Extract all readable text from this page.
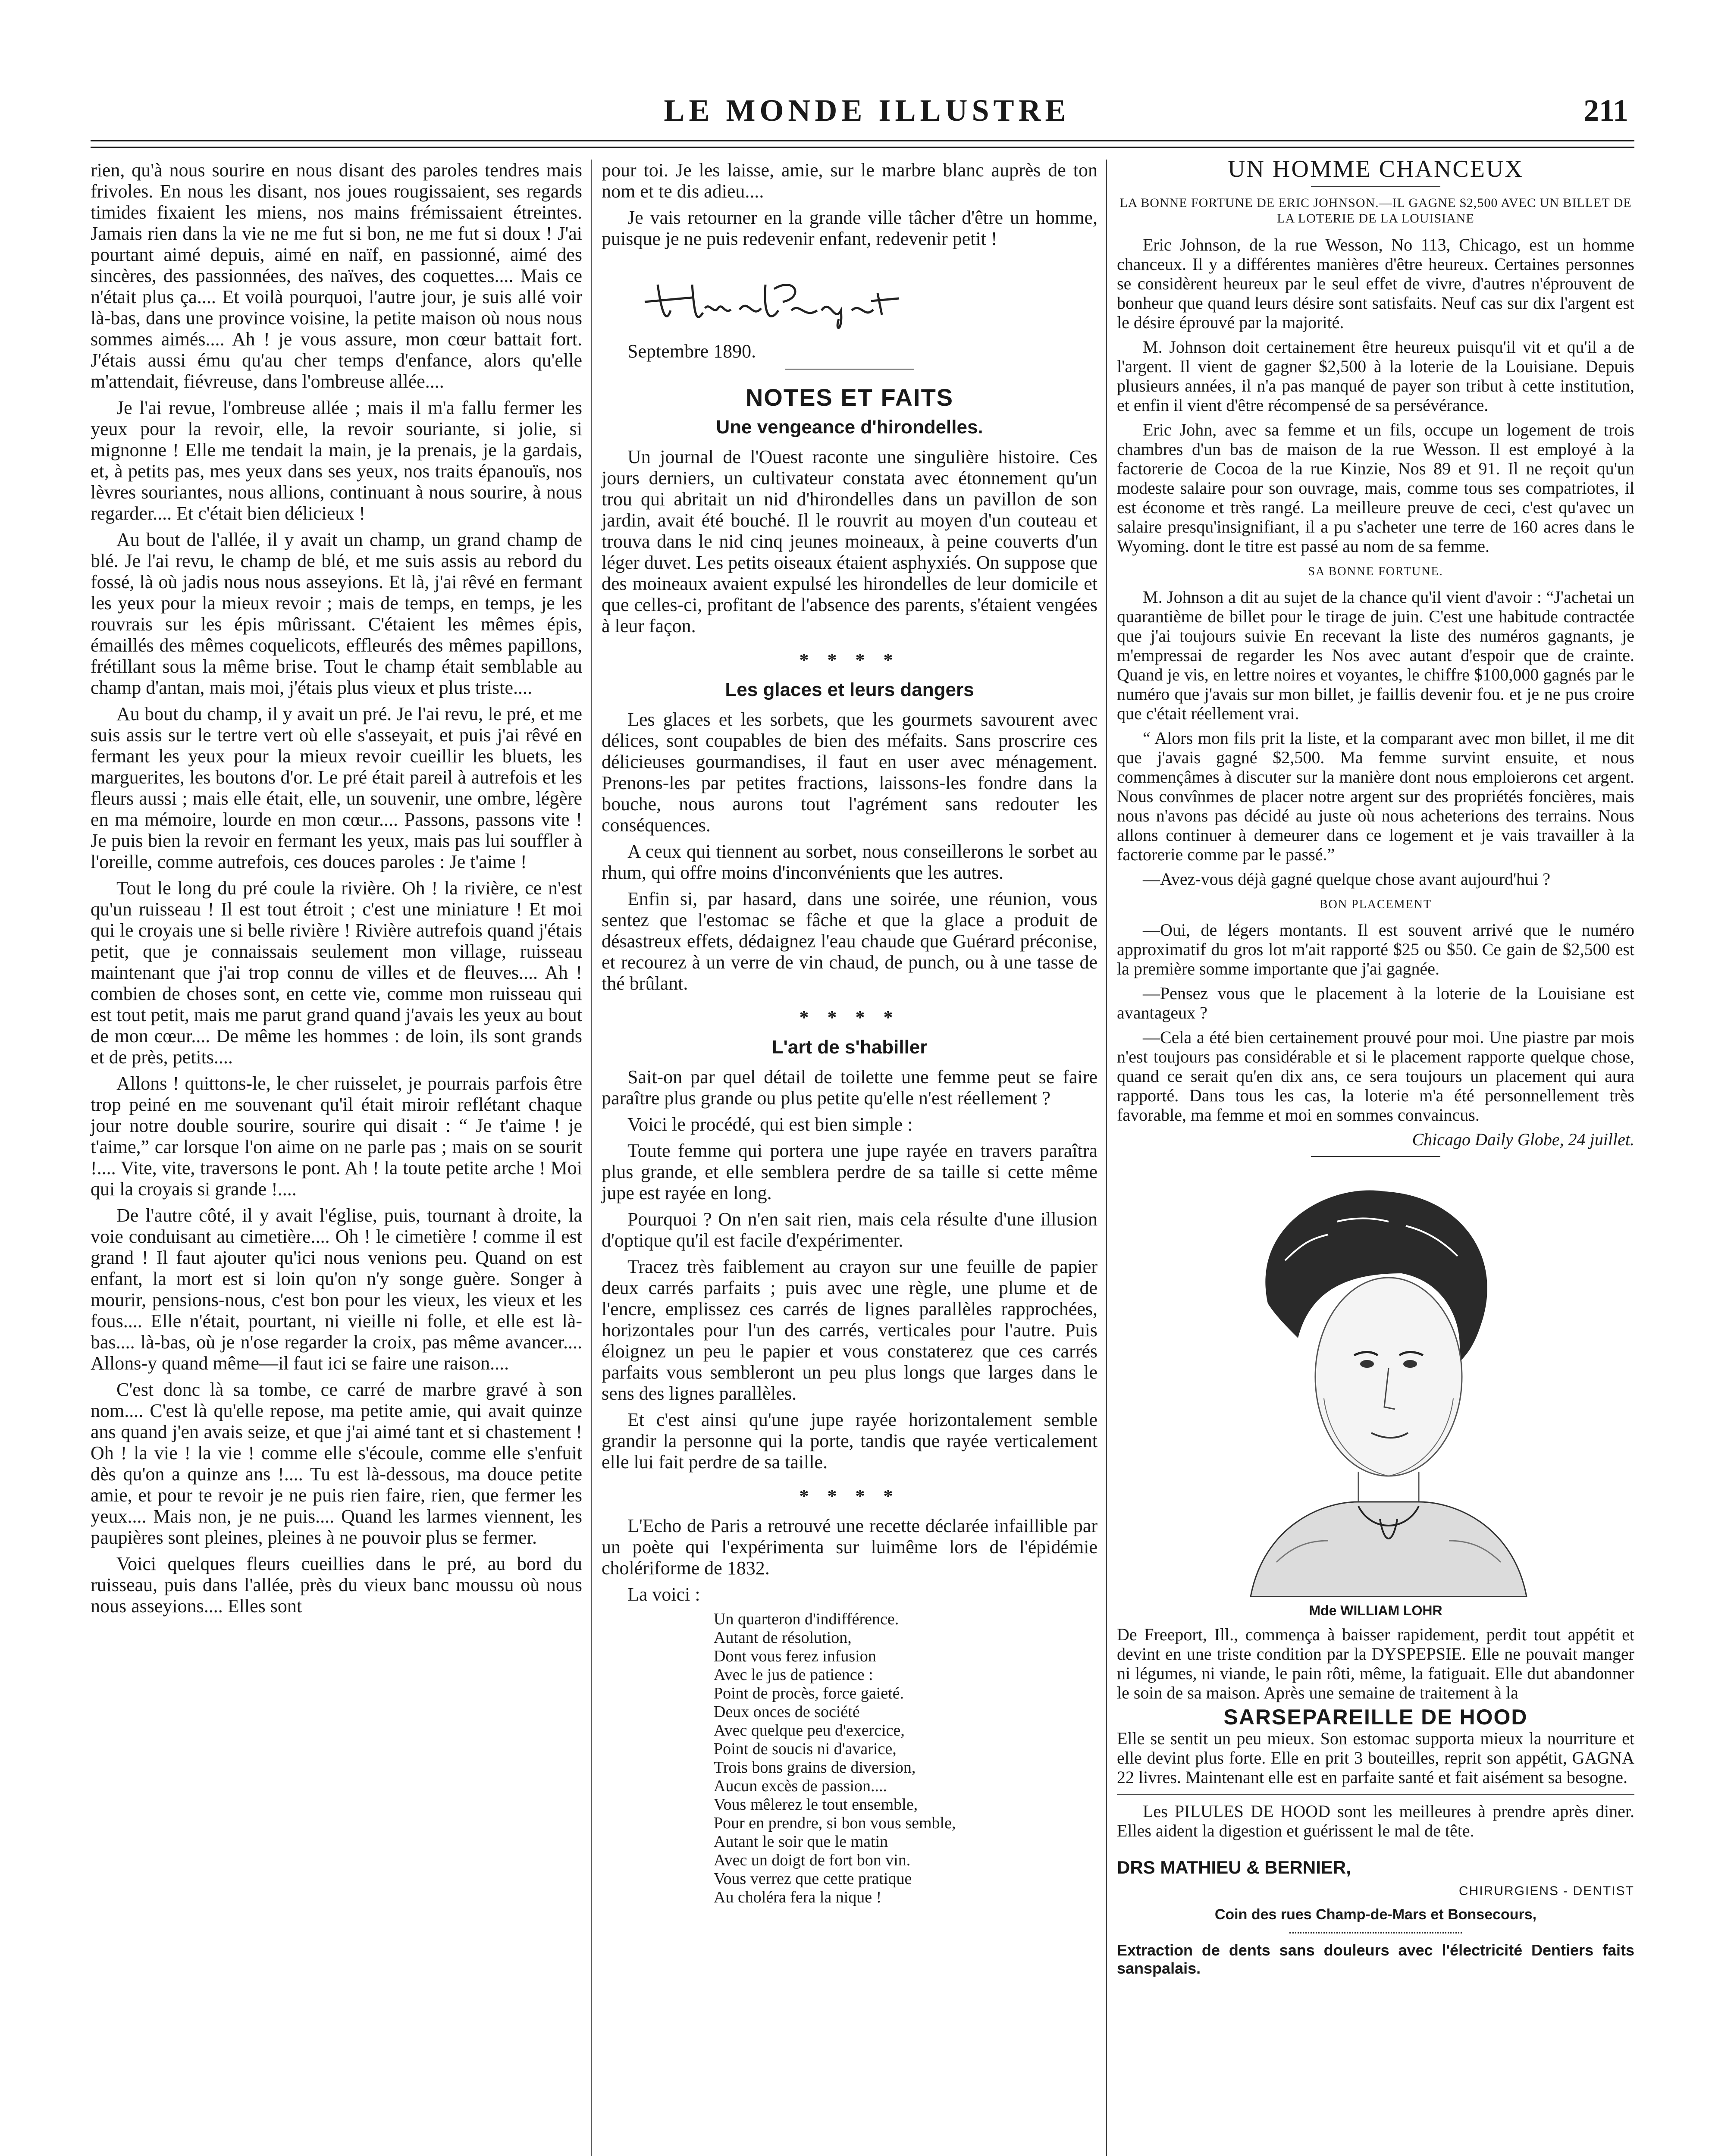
LE MONDE ILLUSTRE	211

rien, qu'à nous sourire en nous disant des paroles tendres mais frivoles. En nous les disant, nos joues rougissaient, ses regards timides fixaient les miens, nos mains frémissaient étreintes. Jamais rien dans la vie ne me fut si bon, ne me fut si doux ! J'ai pourtant aimé depuis, aimé en naïf, en passionné, aimé des sincères, des passionnées, des naïves, des coquettes.... Mais ce n'était plus ça.... Et voilà pourquoi, l'autre jour, je suis allé voir là-bas, dans une province voisine, la petite maison où nous nous sommes aimés.... Ah ! je vous assure, mon cœur battait fort. J'étais aussi ému qu'au cher temps d'enfance, alors qu'elle m'attendait, fiévreuse, dans l'ombreuse allée....

Je l'ai revue, l'ombreuse allée ; mais il m'a fallu fermer les yeux pour la revoir, elle, la revoir souriante, si jolie, si mignonne ! Elle me tendait la main, je la prenais, je la gardais, et, à petits pas, mes yeux dans ses yeux, nos traits épanouïs, nos lèvres souriantes, nous allions, continuant à nous sourire, à nous regarder.... Et c'était bien délicieux !

Au bout de l'allée, il y avait un champ, un grand champ de blé. Je l'ai revu, le champ de blé, et me suis assis au rebord du fossé, là où jadis nous nous asseyions. Et là, j'ai rêvé en fermant les yeux pour la mieux revoir ; mais de temps, en temps, je les rouvrais sur les épis mûrissant. C'étaient les mêmes épis, émaillés des mêmes coquelicots, effleurés des mêmes papillons, frétillant sous la même brise. Tout le champ était semblable au champ d'antan, mais moi, j'étais plus vieux et plus triste....

Au bout du champ, il y avait un pré. Je l'ai revu, le pré, et me suis assis sur le tertre vert où elle s'asseyait, et puis j'ai rêvé en fermant les yeux pour la mieux revoir cueillir les bluets, les marguerites, les boutons d'or. Le pré était pareil à autrefois et les fleurs aussi ; mais elle était, elle, un souvenir, une ombre, légère en ma mémoire, lourde en mon cœur.... Passons, passons vite ! Je puis bien la revoir en fermant les yeux, mais pas lui souffler à l'oreille, comme autrefois, ces douces paroles : Je t'aime !

Tout le long du pré coule la rivière. Oh ! la rivière, ce n'est qu'un ruisseau ! Il est tout étroit ; c'est une miniature ! Et moi qui le croyais une si belle rivière ! Rivière autrefois quand j'étais petit, que je connaissais seulement mon village, ruisseau maintenant que j'ai trop connu de villes et de fleuves.... Ah ! combien de choses sont, en cette vie, comme mon ruisseau qui est tout petit, mais me parut grand quand j'avais les yeux au bout de mon cœur.... De même les hommes : de loin, ils sont grands et de près, petits....

Allons ! quittons-le, le cher ruisselet, je pourrais parfois être trop peiné en me souvenant qu'il était miroir reflétant chaque jour notre double sourire, sourire qui disait : “ Je t'aime ! je t'aime,” car lorsque l'on aime on ne parle pas ; mais on se sourit !.... Vite, vite, traversons le pont. Ah ! la toute petite arche ! Moi qui la croyais si grande !....

De l'autre côté, il y avait l'église, puis, tournant à droite, la voie conduisant au cimetière.... Oh ! le cimetière ! comme il est grand ! Il faut ajouter qu'ici nous venions peu. Quand on est enfant, la mort est si loin qu'on n'y songe guère. Songer à mourir, pensions-nous, c'est bon pour les vieux, les vieux et les fous.... Elle n'était, pourtant, ni vieille ni folle, et elle est là-bas.... là-bas, où je n'ose regarder la croix, pas même avancer.... Allons-y quand même—il faut ici se faire une raison....

C'est donc là sa tombe, ce carré de marbre gravé à son nom.... C'est là qu'elle repose, ma petite amie, qui avait quinze ans quand j'en avais seize, et que j'ai aimé tant et si chastement ! Oh ! la vie ! la vie ! comme elle s'écoule, comme elle s'enfuit dès qu'on a quinze ans !.... Tu est là-dessous, ma douce petite amie, et pour te revoir je ne puis rien faire, rien, que fermer les yeux.... Mais non, je ne puis.... Quand les larmes viennent, les paupières sont pleines, pleines à ne pouvoir plus se fermer.

Voici quelques fleurs cueillies dans le pré, au bord du ruisseau, puis dans l'allée, près du vieux banc moussu où nous nous asseyions.... Elles sont

pour toi. Je les laisse, amie, sur le marbre blanc auprès de ton nom et te dis adieu....

Je vais retourner en la grande ville tâcher d'être un homme, puisque je ne puis redevenir enfant, redevenir petit !

Septembre 1890.

NOTES ET FAITS
Une vengeance d'hirondelles.

Un journal de l'Ouest raconte une singulière histoire. Ces jours derniers, un cultivateur constata avec étonnement qu'un trou qui abritait un nid d'hirondelles dans un pavillon de son jardin, avait été bouché. Il le rouvrit au moyen d'un couteau et trouva dans le nid cinq jeunes moineaux, à peine couverts d'un léger duvet. Les petits oiseaux étaient asphyxiés. On suppose que des moineaux avaient expulsé les hirondelles de leur domicile et que celles-ci, profitant de l'absence des parents, s'étaient vengées à leur façon.

* * * *
Les glaces et leurs dangers

Les glaces et les sorbets, que les gourmets savourent avec délices, sont coupables de bien des méfaits. Sans proscrire ces délicieuses gourmandises, il faut en user avec ménagement. Prenons-les par petites fractions, laissons-les fondre dans la bouche, nous aurons tout l'agrément sans redouter les conséquences.

A ceux qui tiennent au sorbet, nous conseillerons le sorbet au rhum, qui offre moins d'inconvénients que les autres.

Enfin si, par hasard, dans une soirée, une réunion, vous sentez que l'estomac se fâche et que la glace a produit de désastreux effets, dédaignez l'eau chaude que Guérard préconise, et recourez à un verre de vin chaud, de punch, ou à une tasse de thé brûlant.

* * * *
L'art de s'habiller

Sait-on par quel détail de toilette une femme peut se faire paraître plus grande ou plus petite qu'elle n'est réellement ?

Voici le procédé, qui est bien simple :

Toute femme qui portera une jupe rayée en travers paraîtra plus grande, et elle semblera perdre de sa taille si cette même jupe est rayée en long.

Pourquoi ? On n'en sait rien, mais cela résulte d'une illusion d'optique qu'il est facile d'expérimenter.

Tracez très faiblement au crayon sur une feuille de papier deux carrés parfaits ; puis avec une règle, une plume et de l'encre, emplissez ces carrés de lignes parallèles rapprochées, horizontales pour l'un des carrés, verticales pour l'autre. Puis éloignez un peu le papier et vous constaterez que ces carrés parfaits vous sembleront un peu plus longs que larges dans le sens des lignes parallèles.

Et c'est ainsi qu'une jupe rayée horizontalement semble grandir la personne qui la porte, tandis que rayée verticalement elle lui fait perdre de sa taille.

* * * *

L'Echo de Paris a retrouvé une recette déclarée infaillible par un poète qui l'expérimenta sur luimême lors de l'épidémie cholériforme de 1832.

La voici :

Un quarteron d'indifférence.
Autant de résolution,
Dont vous ferez infusion
Avec le jus de patience :
Point de procès, force gaieté.
Deux onces de société
Avec quelque peu d'exercice,
Point de soucis ni d'avarice,
Trois bons grains de diversion,
Aucun excès de passion....
Vous mêlerez le tout ensemble,
Pour en prendre, si bon vous semble,
Autant le soir que le matin
Avec un doigt de fort bon vin.
Vous verrez que cette pratique
Au choléra fera la nique !
UN HOMME CHANCEUX
LA BONNE FORTUNE DE ERIC JOHNSON.—IL GAGNE $2,500 AVEC UN BILLET DE LA LOTERIE DE LA LOUISIANE

Eric Johnson, de la rue Wesson, No 113, Chicago, est un homme chanceux. Il y a différentes manières d'être heureux. Certaines personnes se considèrent heureux par le seul effet de vivre, d'autres n'éprouvent de bonheur que quand leurs désire sont satisfaits. Neuf cas sur dix l'argent est le désire éprouvé par la majorité.

M. Johnson doit certainement être heureux puisqu'il vit et qu'il a de l'argent. Il vient de gagner $2,500 à la loterie de la Louisiane. Depuis plusieurs années, il n'a pas manqué de payer son tribut à cette institution, et enfin il vient d'être récompensé de sa persévérance.

Eric John, avec sa femme et un fils, occupe un logement de trois chambres d'un bas de maison de la rue Wesson. Il est employé à la factorerie de Cocoa de la rue Kinzie, Nos 89 et 91. Il ne reçoit qu'un modeste salaire pour son ouvrage, mais, comme tous ses compatriotes, il est économe et très rangé. La meilleure preuve de ceci, c'est qu'avec un salaire presqu'insignifiant, il a pu s'acheter une terre de 160 acres dans le Wyoming. dont le titre est passé au nom de sa femme.

SA BONNE FORTUNE.

M. Johnson a dit au sujet de la chance qu'il vient d'avoir : “J'achetai un quarantième de billet pour le tirage de juin. C'est une habitude contractée que j'ai toujours suivie En recevant la liste des numéros gagnants, je m'empressai de regarder les Nos avec autant d'espoir que de crainte. Quand je vis, en lettre noires et voyantes, le chiffre $100,000 gagnés par le numéro que j'avais sur mon billet, je faillis devenir fou. et je ne pus croire que c'était réellement vrai.

“ Alors mon fils prit la liste, et la comparant avec mon billet, il me dit que j'avais gagné $2,500. Ma femme survint ensuite, et nous commençâmes à discuter sur la manière dont nous emploierons cet argent. Nous convînmes de placer notre argent sur des propriétés foncières, mais nous n'avons pas décidé au juste où nous acheterions des terrains. Nous allons continuer à demeurer dans ce logement et je vais travailler à la factorerie comme par le passé.”

—Avez-vous déjà gagné quelque chose avant aujourd'hui ?

BON PLACEMENT

—Oui, de légers montants. Il est souvent arrivé que le numéro approximatif du gros lot m'ait rapporté $25 ou $50. Ce gain de $2,500 est la première somme importante que j'ai gagnée.

—Pensez vous que le placement à la loterie de la Louisiane est avantageux ?

—Cela a été bien certainement prouvé pour moi. Une piastre par mois n'est toujours pas considérable et si le placement rapporte quelque chose, quand ce serait qu'en dix ans, ce sera toujours un placement qui aura rapporté. Dans tous les cas, la loterie m'a été personnellement très favorable, ma femme et moi en sommes convaincus.

Chicago Daily Globe, 24 juillet.
Mde WILLIAM LOHR

De Freeport, Ill., commença à baisser rapidement, perdit tout appétit et devint en une triste condition par la DYSPEPSIE. Elle ne pouvait manger ni légumes, ni viande, le pain rôti, même, la fatiguait. Elle dut abandonner le soin de sa maison. Après une semaine de traitement à la

SARSEPAREILLE DE HOOD

Elle se sentit un peu mieux. Son estomac supporta mieux la nourriture et elle devint plus forte. Elle en prit 3 bouteilles, reprit son appétit, GAGNA 22 livres. Maintenant elle est en parfaite santé et fait aisément sa besogne.

Les PILULES DE HOOD sont les meilleures à prendre après diner. Elles aident la digestion et guérissent le mal de tête.

DRS MATHIEU & BERNIER,
CHIRURGIENS - DENTIST
Coin des rues Champ-de-Mars et Bonsecours,

Extraction de dents sans douleurs avec l'électricité Dentiers faits sanspalais.
